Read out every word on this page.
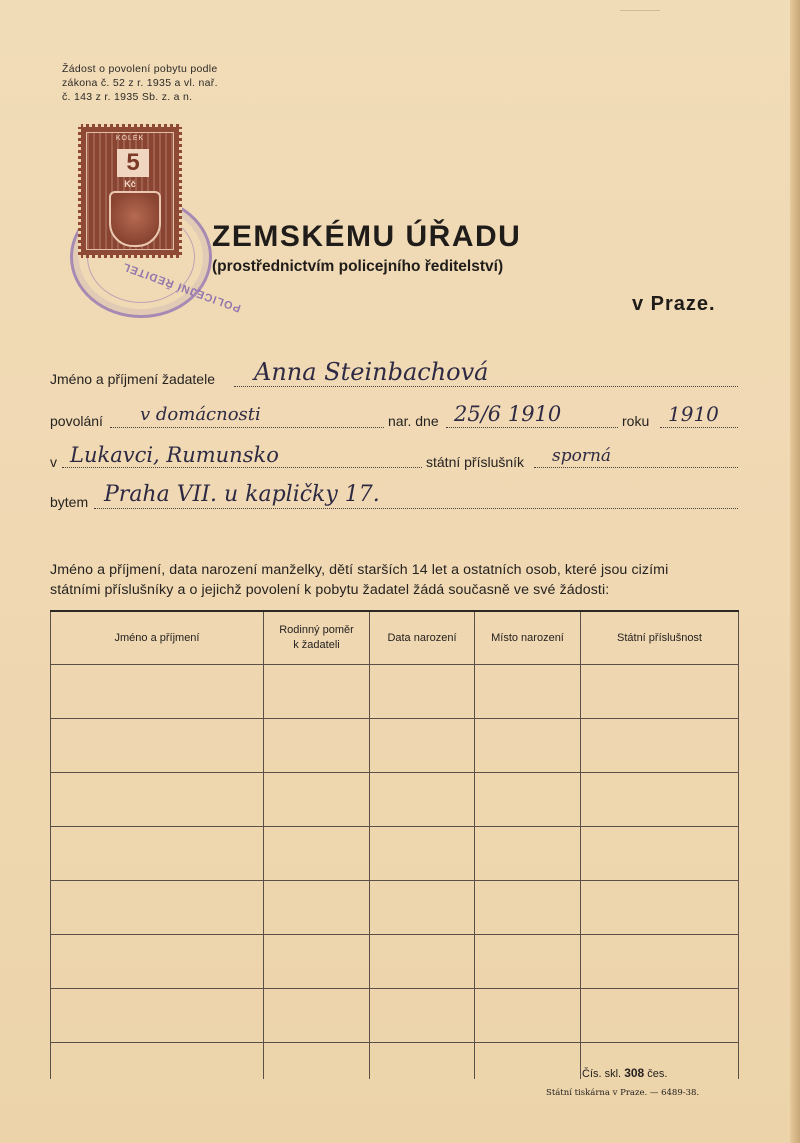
Žádost o povolení pobytu podle
zákona č. 52 z r. 1935 a vl. nař.
č. 143 z r. 1935 Sb. z. a n.
POLICEJNÍ ŘEDITEL
KOLEK
5
Kč
ZEMSKÉMU ÚŘADU
(prostřednictvím policejního ředitelství)
v Praze.
Jméno a příjmení žadatele Anna Steinbachová
povolání v domácnosti	nar. dne 25/6 1910	roku 1910
v Lukavci, Rumunsko	státní příslušník sporná
bytem Praha VII. u kapličky 17.
Jméno a příjmení, data narození manželky, dětí starších 14 let a ostatních osob, které jsou cizími
státními příslušníky a o jejichž povolení k pobytu žadatel žádá současně ve své žádosti:
Jméno a příjmení	Rodinný poměr k žadateli	Data narození	Místo narození	Státní příslušnost

Čís. skl. 308 čes.
Státní tiskárna v Praze. — 6489-38.
